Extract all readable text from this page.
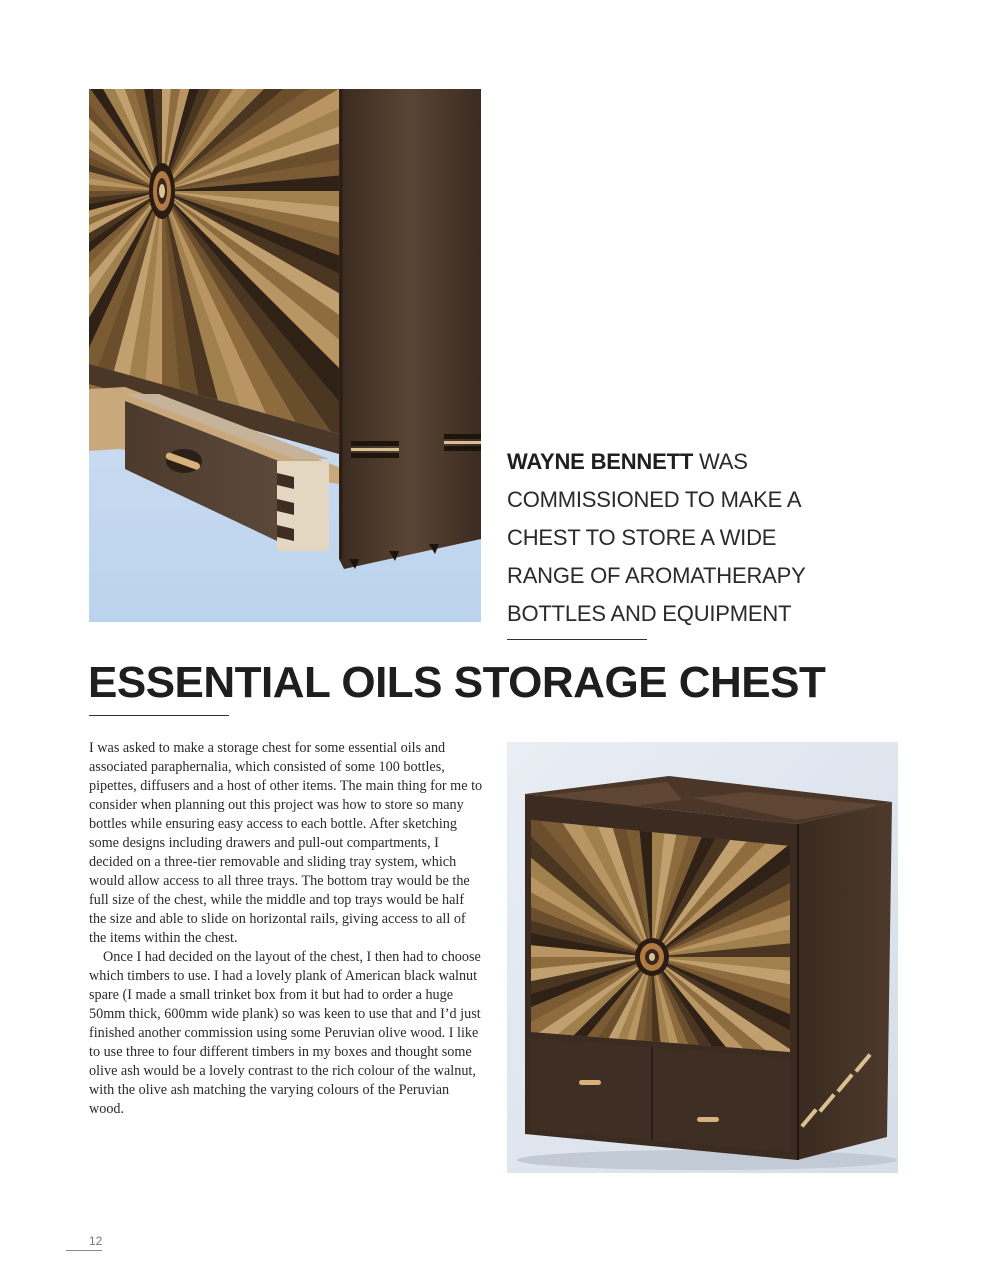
WAYNE BENNETT WAS COMMISSIONED TO MAKE A CHEST TO STORE A WIDE RANGE OF AROMATHERAPY BOTTLES AND EQUIPMENT
ESSENTIAL OILS STORAGE CHEST

I was asked to make a storage chest for some essential oils and associated paraphernalia, which consisted of some 100 bottles, pipettes, diffusers and a host of other items. The main thing for me to consider when planning out this project was how to store so many bottles while ensuring easy access to each bottle. After sketching some designs including drawers and pull-out compartments, I decided on a three-tier removable and sliding tray system, which would allow access to all three trays. The bottom tray would be the full size of the chest, while the middle and top trays would be half the size and able to slide on horizontal rails, giving access to all of the items within the chest.

Once I had decided on the layout of the chest, I then had to choose which timbers to use. I had a lovely plank of American black walnut spare (I made a small trinket box from it but had to order a huge 50mm thick, 600mm wide plank) so was keen to use that and I’d just finished another commission using some Peruvian olive wood. I like to use three to four different timbers in my boxes and thought some olive ash would be a lovely contrast to the rich colour of the walnut, with the olive ash matching the varying colours of the Peruvian wood.

12
